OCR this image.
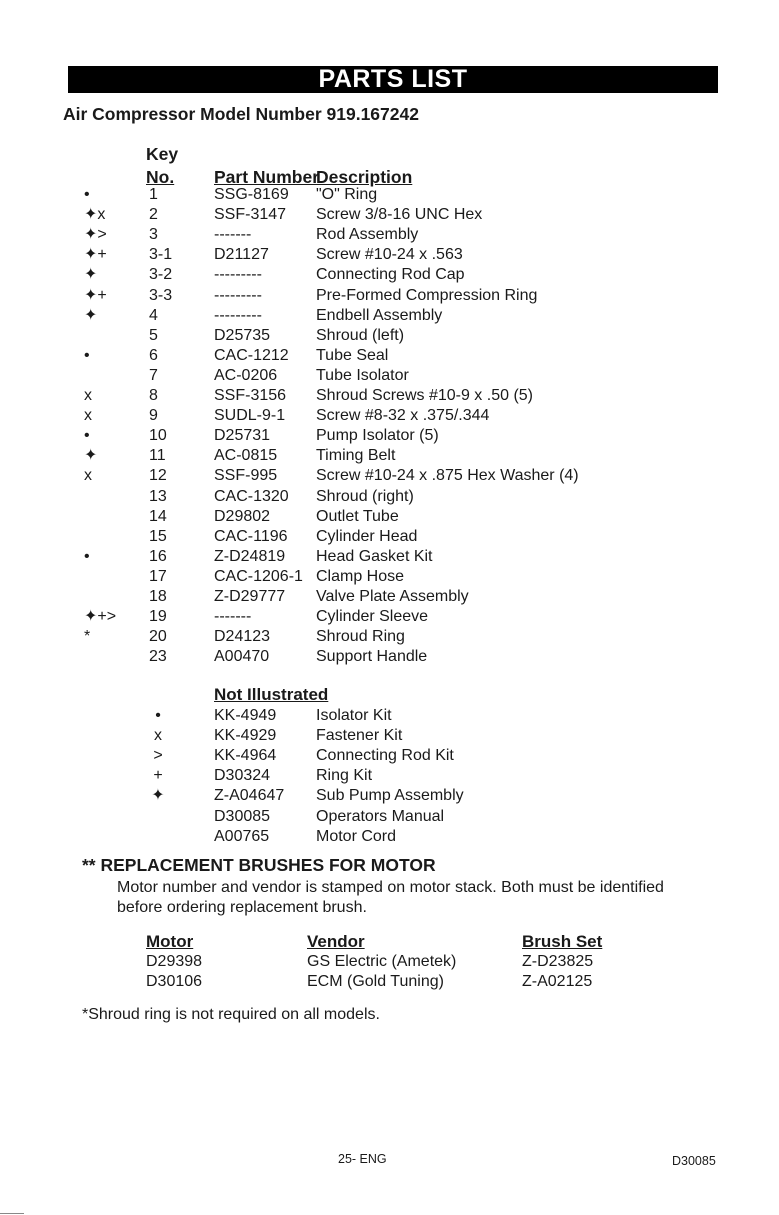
PARTS LIST
Air Compressor Model Number 919.167242
Key
No. Part Number
Description
•	1	SSG-8169 "O" Ring
✦x	2	SSF-3147 Screw 3/8-16 UNC Hex
✦>	3	-------	Rod Assembly
✦+	3-1	D21127	Screw #10-24 x .563
✦	3-2	---------	Connecting Rod Cap
✦+	3-3	---------	Pre-Formed Compression Ring
✦	4	---------	Endbell Assembly
5	D25735	Shroud (left)
•	6	CAC-1212 Tube Seal
7	AC-0206 Tube Isolator
x	8	SSF-3156 Shroud Screws #10-9 x .50 (5)
x	9	SUDL-9-1 Screw #8-32 x .375/.344
•	10	D25731	Pump Isolator (5)
✦	11	AC-0815 Timing Belt
x	12	SSF-995 Screw #10-24 x .875 Hex Washer (4)
13	CAC-1320 Shroud (right)
14	D29802	Outlet Tube
15	CAC-1196 Cylinder Head
•	16	Z-D24819 Head Gasket Kit
17	CAC-1206-1 Clamp Hose
18	Z-D29777 Valve Plate Assembly
✦+>	19	-------	Cylinder Sleeve
*	20	D24123	Shroud Ring
23	A00470	Support Handle
Not Illustrated
•	KK-4949 Isolator Kit
x	KK-4929 Fastener Kit
>	KK-4964 Connecting Rod Kit
+	D30324	Ring Kit
✦	Z-A04647 Sub Pump Assembly
D30085	Operators Manual
A00765	Motor Cord
** REPLACEMENT BRUSHES FOR MOTOR
Motor number and vendor is stamped on motor stack. Both must be identified before ordering replacement brush.
Motor	Vendor	Brush Set
D29398	GS Electric (Ametek)	Z-D23825
D30106	ECM (Gold Tuning)	Z-A02125
*Shroud ring is not required on all models.
25- ENG	D30085
